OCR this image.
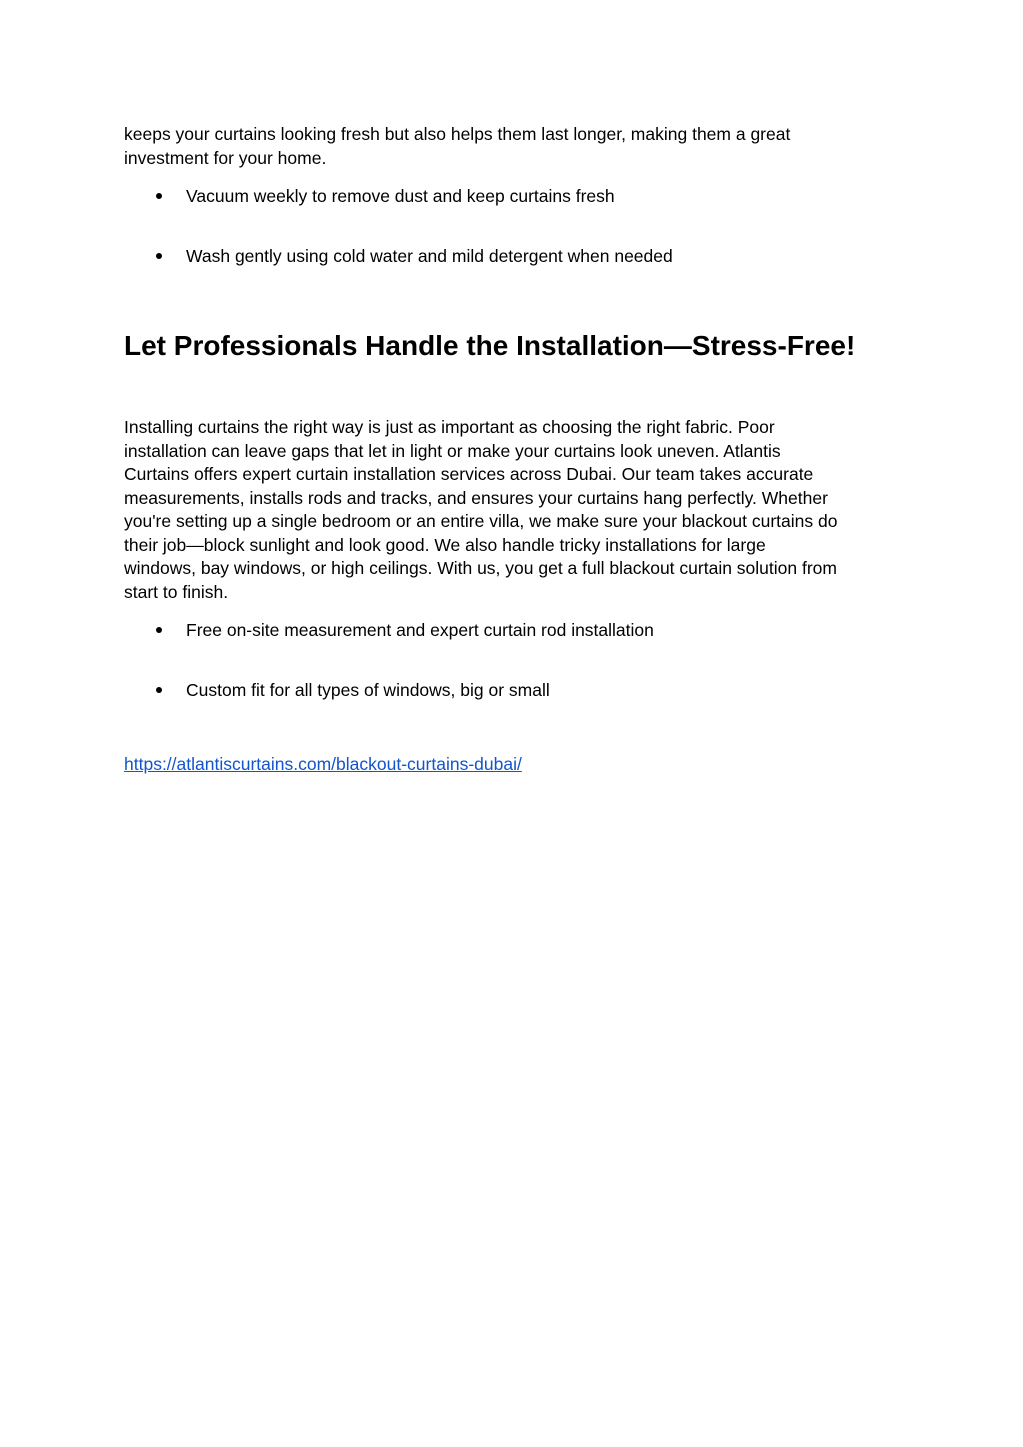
keeps your curtains looking fresh but also helps them last longer, making them a great
investment for your home.
Vacuum weekly to remove dust and keep curtains fresh
Wash gently using cold water and mild detergent when needed
Let Professionals Handle the Installation—Stress-Free!
Installing curtains the right way is just as important as choosing the right fabric. Poor
installation can leave gaps that let in light or make your curtains look uneven. Atlantis
Curtains offers expert curtain installation services across Dubai. Our team takes accurate
measurements, installs rods and tracks, and ensures your curtains hang perfectly. Whether
you're setting up a single bedroom or an entire villa, we make sure your blackout curtains do
their job—block sunlight and look good. We also handle tricky installations for large
windows, bay windows, or high ceilings. With us, you get a full blackout curtain solution from
start to finish.
Free on-site measurement and expert curtain rod installation
Custom fit for all types of windows, big or small
https://atlantiscurtains.com/blackout-curtains-dubai/
